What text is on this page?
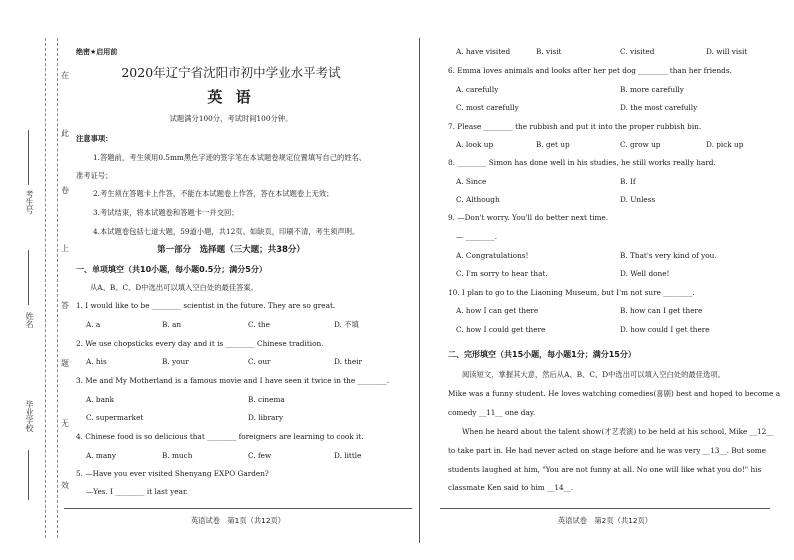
在
此
卷
上
答
题
无
效
考生号
姓名
毕业学校
绝密★启用前
2020年辽宁省沈阳市初中学业水平考试
英 语
试题满分100分，考试时间100分钟。
注意事项：
1.答题前，考生须用0.5mm黑色字迹的签字笔在本试题卷规定位置填写自己的姓名、
准考证号；
2.考生须在答题卡上作答，不能在本试题卷上作答，答在本试题卷上无效；
3.考试结束，将本试题卷和答题卡一并交回；
4.本试题卷包括七道大题，59道小题，共12页。如缺页，印刷不清，考生须声明。
第一部分　选择题（三大题；共38分）
一、单项填空（共10小题，每小题0.5分；满分5分）
从A、B、C、D中选出可以填入空白处的最佳答案。
1. I would like to be ________ scientist in the future. They are so great.
A. a	B. an	C. the	D. 不填
2. We use chopsticks every day and it is ________ Chinese tradition.
A. his	B. your	C. our	D. their
3. Me and My Motherland is a famous movie and I have seen it twice in the ________.
A. bank	B. cinema
C. supermarket	D. library
4. Chinese food is so delicious that ________ foreigners are learning to cook it.
A. many	B. much	C. few	D. little
5. —Have you ever visited Shenyang EXPO Garden?
—Yes. I ________ it last year.
英语试卷　第1页（共12页）
A. have visited	B. visit	C. visited	D. will visit
6. Emma loves animals and looks after her pet dog ________ than her friends.
A. carefully	B. more carefully
C. most carefully	D. the most carefully
7. Please ________ the rubbish and put it into the proper rubbish bin.
A. look up	B. get up	C. grow up	D. pick up
8. ________ Simon has done well in his studies, he still works really hard.
A. Since	B. If
C. Although	D. Unless
9. —Don't worry. You'll do better next time.
— ________.
A. Congratulations!	B. That's very kind of you.
C. I'm sorry to hear that.	D. Well done!
10. I plan to go to the Liaoning Museum, but I'm not sure ________.
A. how I can get there	B. how can I get there
C. how I could get there	D. how could I get there
二、完形填空（共15小题，每小题1分；满分15分）
阅读短文，掌握其大意，然后从A、B、C、D中选出可以填入空白处的最佳选项。
Mike was a funny student. He loves watching comedies(喜剧) best and hoped to become a
comedy __11__ one day.
When he heard about the talent show(才艺表演) to be held at his school, Mike __12__
to take part in. He had never acted on stage before and he was very __13__. But some
students laughed at him, "You are not funny at all. No one will like what you do!" his
classmate Ken said to him __14__.
英语试卷　第2页（共12页）
